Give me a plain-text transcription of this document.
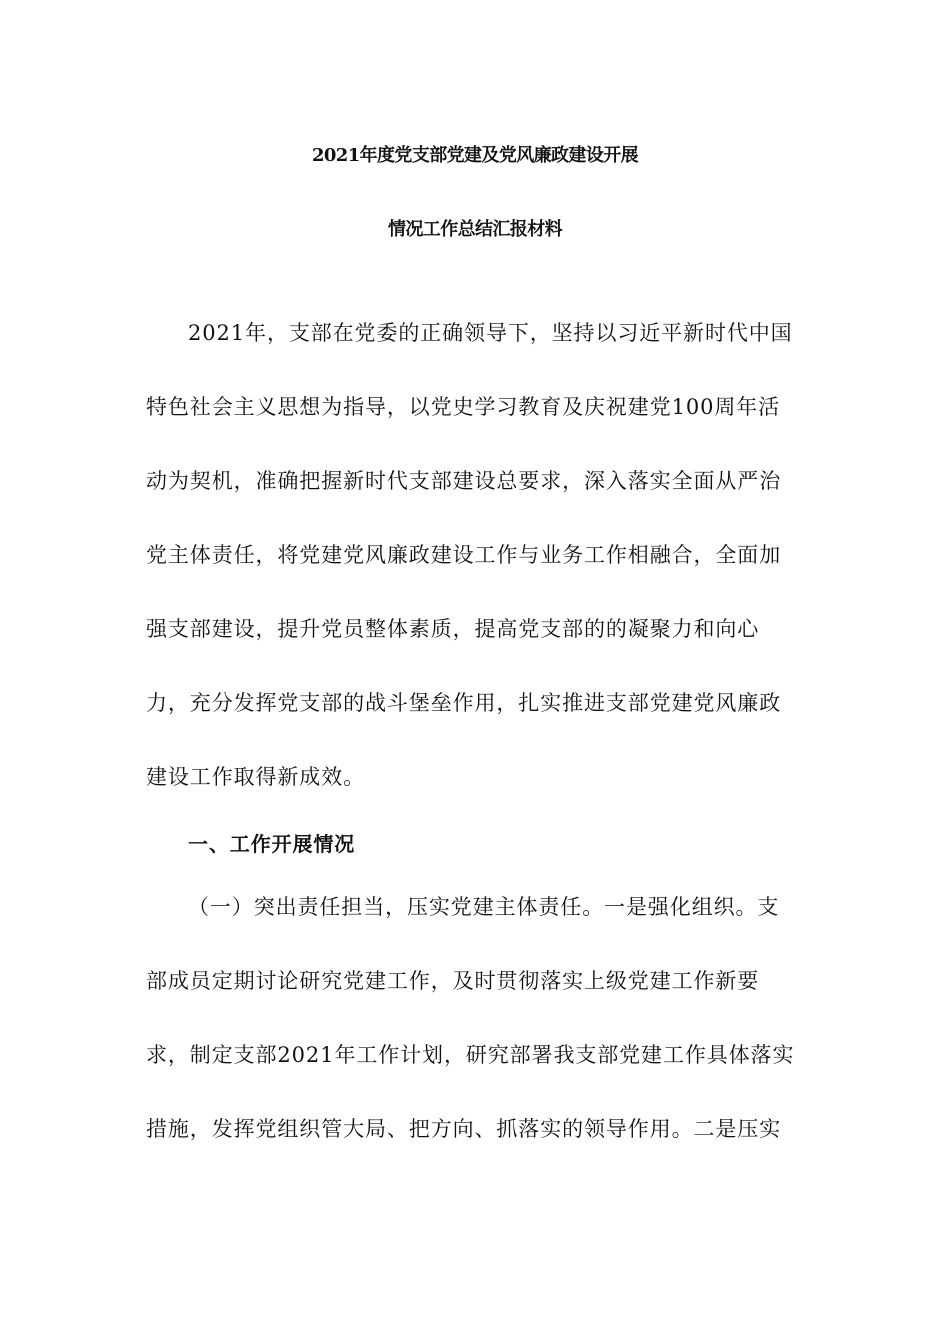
2021年度党支部党建及党风廉政建设开展
情况工作总结汇报材料
2021年，支部在党委的正确领导下，坚持以习近平新时代中国
特色社会主义思想为指导，以党史学习教育及庆祝建党100周年活
动为契机，准确把握新时代支部建设总要求，深入落实全面从严治
党主体责任，将党建党风廉政建设工作与业务工作相融合，全面加
强支部建设，提升党员整体素质，提高党支部的的凝聚力和向心
力，充分发挥党支部的战斗堡垒作用，扎实推进支部党建党风廉政
建设工作取得新成效。
一、工作开展情况
（一）突出责任担当，压实党建主体责任。一是强化组织。支
部成员定期讨论研究党建工作，及时贯彻落实上级党建工作新要
求，制定支部2021年工作计划，研究部署我支部党建工作具体落实
措施，发挥党组织管大局、把方向、抓落实的领导作用。二是压实
